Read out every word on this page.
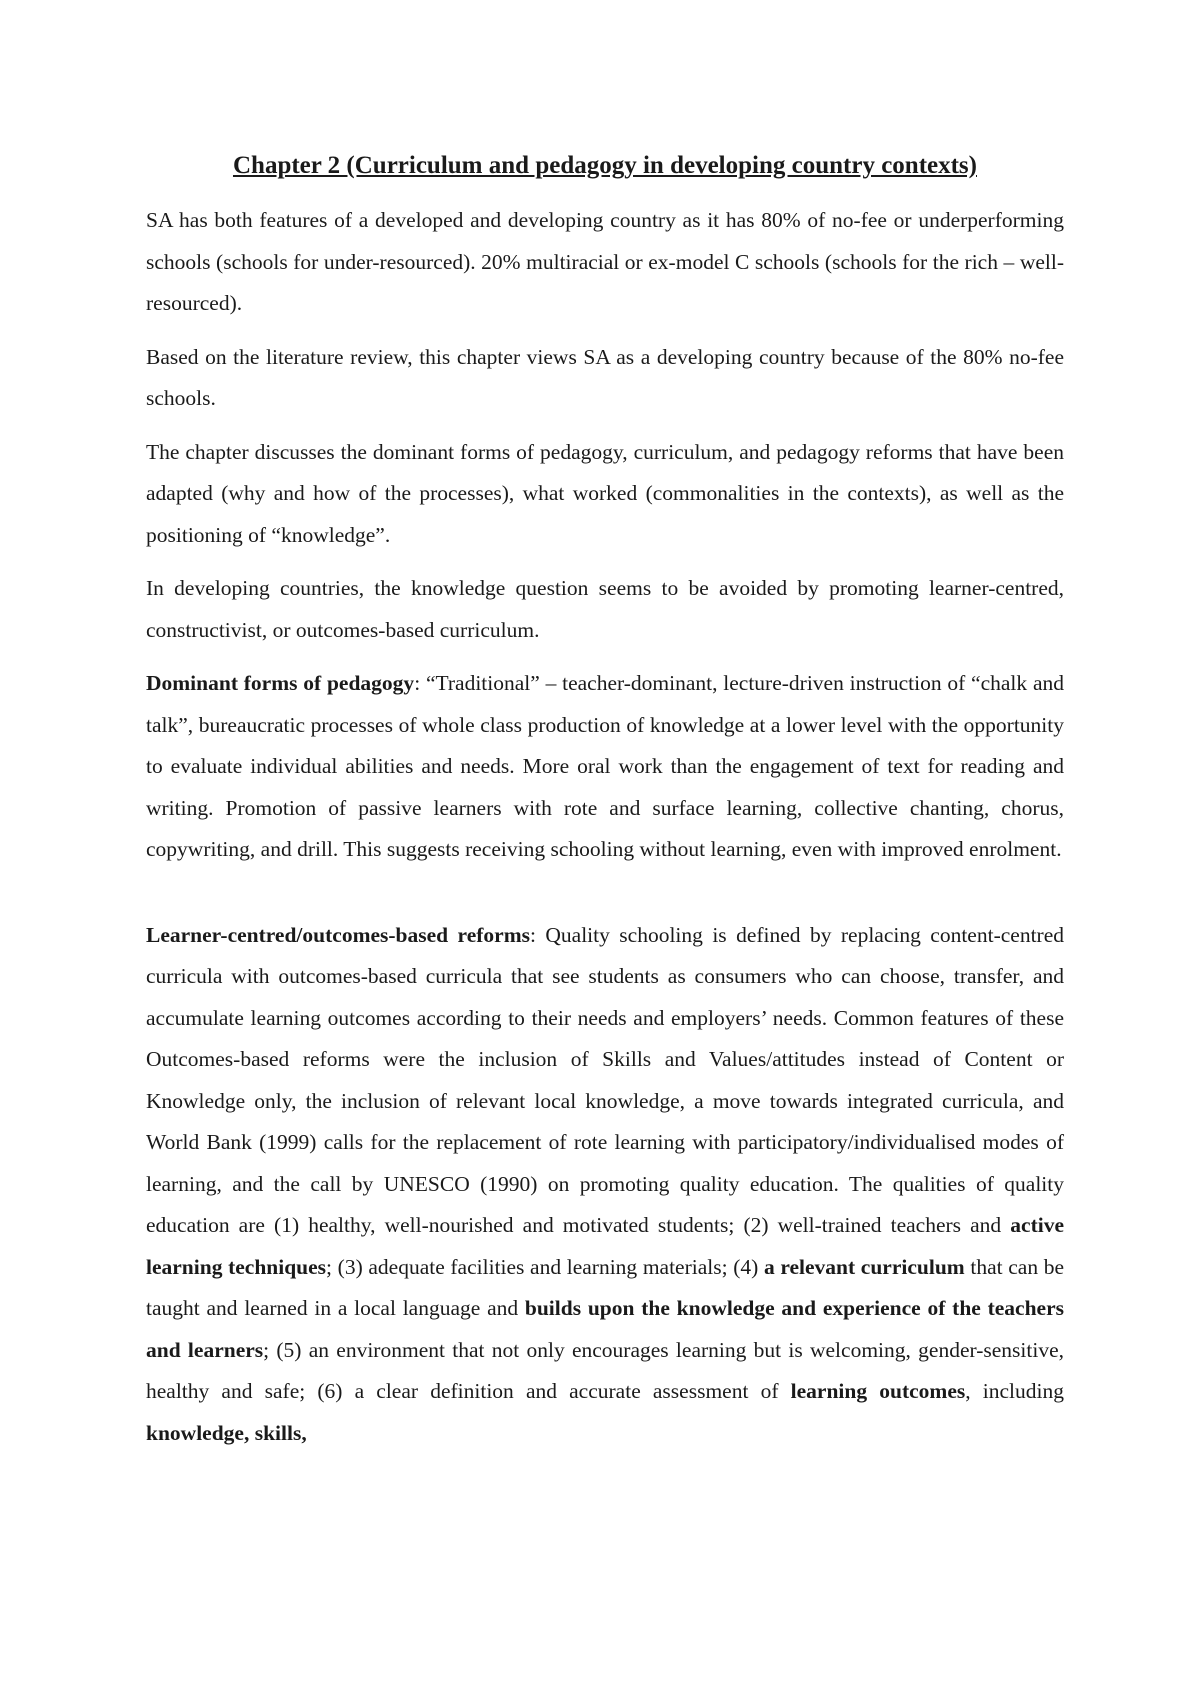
Chapter 2 (Curriculum and pedagogy in developing country contexts)

SA has both features of a developed and developing country as it has 80% of no-fee or underperforming schools (schools for under-resourced). 20% multiracial or ex-model C schools (schools for the rich – well-resourced).

Based on the literature review, this chapter views SA as a developing country because of the 80% no-fee schools.

The chapter discusses the dominant forms of pedagogy, curriculum, and pedagogy reforms that have been adapted (why and how of the processes), what worked (commonalities in the contexts), as well as the positioning of “knowledge”.

In developing countries, the knowledge question seems to be avoided by promoting learner-centred, constructivist, or outcomes-based curriculum.

Dominant forms of pedagogy: “Traditional” – teacher-dominant, lecture-driven instruction of “chalk and talk”, bureaucratic processes of whole class production of knowledge at a lower level with the opportunity to evaluate individual abilities and needs. More oral work than the engagement of text for reading and writing. Promotion of passive learners with rote and surface learning, collective chanting, chorus, copywriting, and drill. This suggests receiving schooling without learning, even with improved enrolment.

Learner-centred/outcomes-based reforms: Quality schooling is defined by replacing content-centred curricula with outcomes-based curricula that see students as consumers who can choose, transfer, and accumulate learning outcomes according to their needs and employers’ needs. Common features of these Outcomes-based reforms were the inclusion of Skills and Values/attitudes instead of Content or Knowledge only, the inclusion of relevant local knowledge, a move towards integrated curricula, and World Bank (1999) calls for the replacement of rote learning with participatory/individualised modes of learning, and the call by UNESCO (1990) on promoting quality education. The qualities of quality education are (1) healthy, well-nourished and motivated students; (2) well-trained teachers and active learning techniques; (3) adequate facilities and learning materials; (4) a relevant curriculum that can be taught and learned in a local language and builds upon the knowledge and experience of the teachers and learners; (5) an environment that not only encourages learning but is welcoming, gender-sensitive, healthy and safe; (6) a clear definition and accurate assessment of learning outcomes, including knowledge, skills,
